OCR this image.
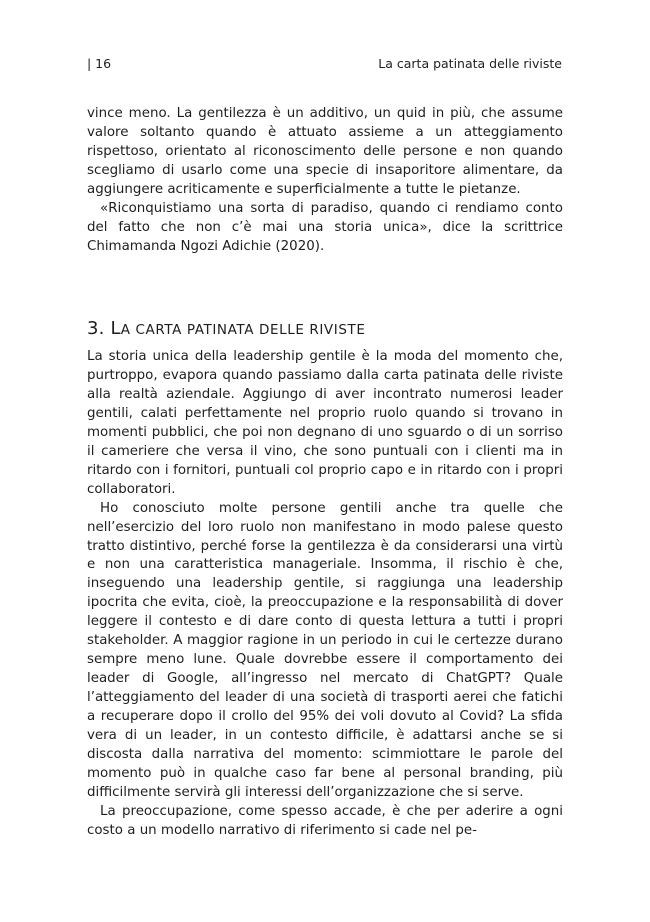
| 16	La carta patinata delle riviste

vince meno. La gentilezza è un additivo, un quid in più, che assume valore soltanto quando è attuato assieme a un atteggiamento rispettoso, orientato al riconoscimento delle persone e non quando scegliamo di usarlo come una specie di insaporitore alimentare, da aggiungere acriticamente e superficialmente a tutte le pietanze.

«Riconquistiamo una sorta di paradiso, quando ci rendiamo conto del fatto che non c’è mai una storia unica», dice la scrittrice Chimamanda Ngozi Adichie (2020).

3. LA CARTA PATINATA DELLE RIVISTE

La storia unica della leadership gentile è la moda del momento che, purtroppo, evapora quando passiamo dalla carta patinata delle riviste alla realtà aziendale. Aggiungo di aver incontrato numerosi leader gentili, calati perfettamente nel proprio ruolo quando si trovano in momenti pubblici, che poi non degnano di uno sguardo o di un sorriso il cameriere che versa il vino, che sono puntuali con i clienti ma in ritardo con i fornitori, puntuali col proprio capo e in ritardo con i propri collaboratori.

Ho conosciuto molte persone gentili anche tra quelle che nell’esercizio del loro ruolo non manifestano in modo palese questo tratto distintivo, perché forse la gentilezza è da considerarsi una virtù e non una caratteristica manageriale. Insomma, il rischio è che, inseguendo una leadership gentile, si raggiunga una leadership ipocrita che evita, cioè, la preoccupazione e la responsabilità di dover leggere il contesto e di dare conto di questa lettura a tutti i propri stakeholder. A maggior ragione in un periodo in cui le certezze durano sempre meno lune. Quale dovrebbe essere il comportamento dei leader di Google, all’ingresso nel mercato di ChatGPT? Quale l’atteggiamento del leader di una società di trasporti aerei che fatichi a recuperare dopo il crollo del 95% dei voli dovuto al Covid? La sfida vera di un leader, in un contesto difficile, è adattarsi anche se si discosta dalla narrativa del momento: scimmiottare le parole del momento può in qualche caso far bene al personal branding, più difficilmente servirà gli interessi dell’organizzazione che si serve.

La preoccupazione, come spesso accade, è che per aderire a ogni costo a un modello narrativo di riferimento si cade nel pe-
